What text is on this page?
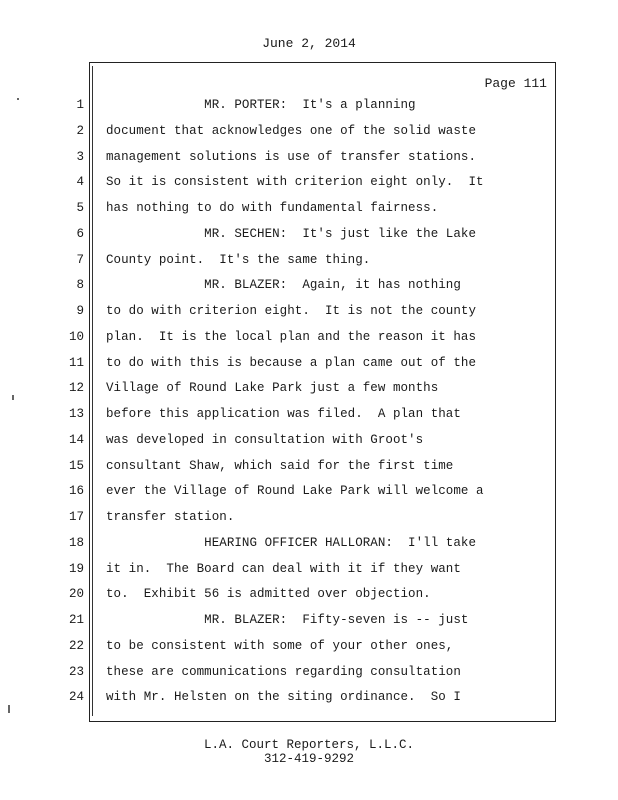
June 2, 2014
Page 111
1 MR. PORTER:  It's a planning
2 document that acknowledges one of the solid waste
3 management solutions is use of transfer stations.
4 So it is consistent with criterion eight only.  It
5 has nothing to do with fundamental fairness.
6 MR. SECHEN:  It's just like the Lake
7 County point.  It's the same thing.
8 MR. BLAZER:  Again, it has nothing
9 to do with criterion eight.  It is not the county
10 plan.  It is the local plan and the reason it has
11 to do with this is because a plan came out of the
12 Village of Round Lake Park just a few months
13 before this application was filed.  A plan that
14 was developed in consultation with Groot's
15 consultant Shaw, which said for the first time
16 ever the Village of Round Lake Park will welcome a
17 transfer station.
18 HEARING OFFICER HALLORAN:  I'll take
19 it in.  The Board can deal with it if they want
20 to.  Exhibit 56 is admitted over objection.
21 MR. BLAZER:  Fifty-seven is -- just
22 to be consistent with some of your other ones,
23 these are communications regarding consultation
24 with Mr. Helsten on the siting ordinance.  So I
L.A. Court Reporters, L.L.C.
312-419-9292
